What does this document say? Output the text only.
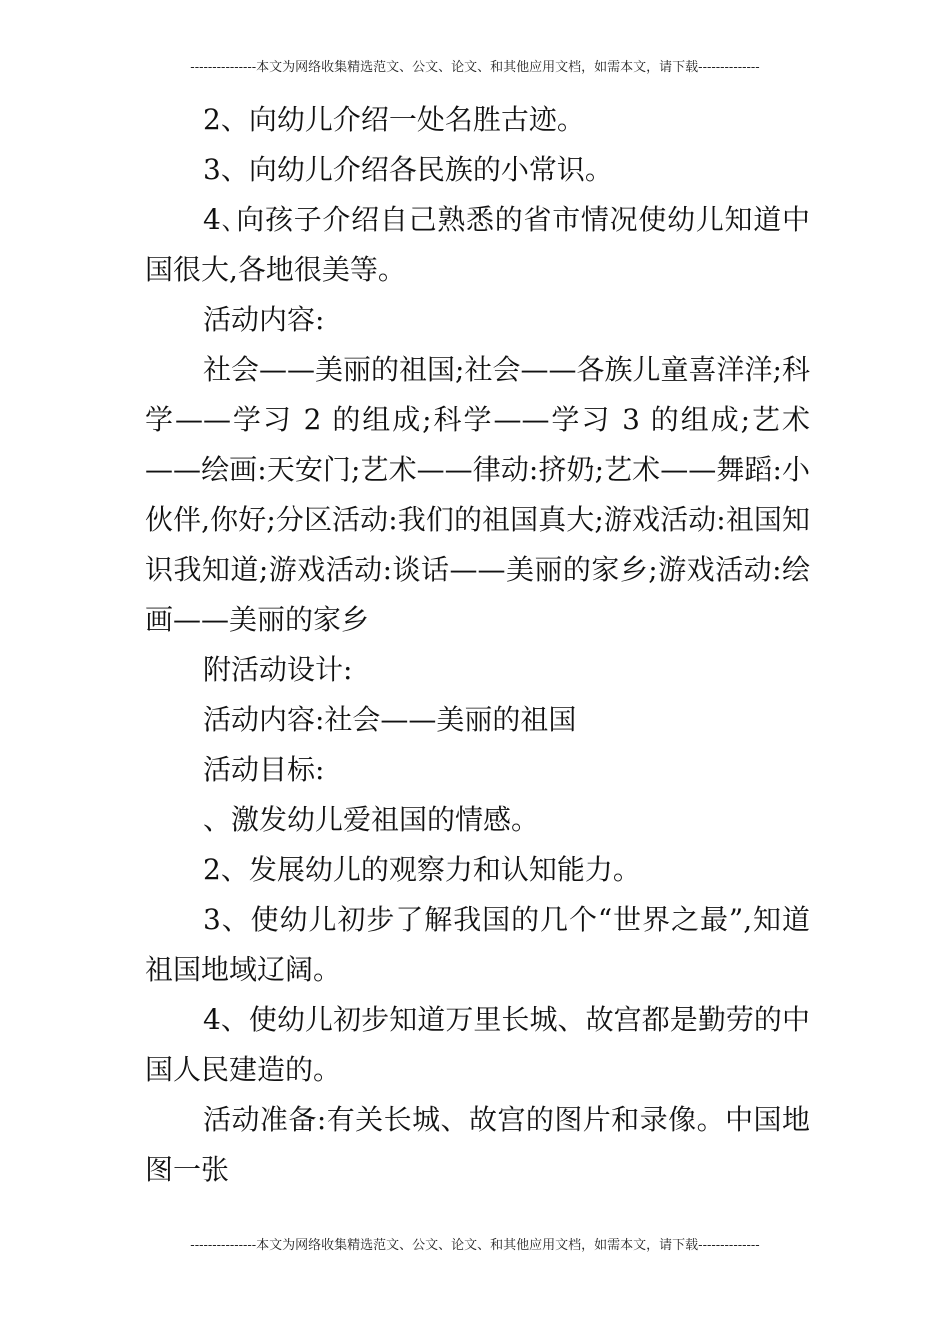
---------------本文为网络收集精选范文、公文、论文、和其他应用文档，如需本文，请下载--------------

2、向幼儿介绍一处名胜古迹。

3、向幼儿介绍各民族的小常识。

4､向孩子介绍自己熟悉的省市情况使幼儿知道中国很大,各地很美等。

活动内容:

社会——美丽的祖国;社会——各族儿童喜洋洋;科学——学习 2 的组成;科学——学习 3 的组成;艺术——绘画:天安门;艺术——律动:挤奶;艺术——舞蹈:小伙伴,你好;分区活动:我们的祖国真大;游戏活动:祖国知识我知道;游戏活动:谈话——美丽的家乡;游戏活动:绘画——美丽的家乡

附活动设计:

活动内容:社会——美丽的祖国

活动目标:

、激发幼儿爱祖国的情感。

2、发展幼儿的观察力和认知能力。

3、使幼儿初步了解我国的几个“世界之最”,知道祖国地域辽阔。

4、使幼儿初步知道万里长城、故宫都是勤劳的中国人民建造的。

活动准备:有关长城、故宫的图片和录像。中国地图一张

---------------本文为网络收集精选范文、公文、论文、和其他应用文档，如需本文，请下载--------------
